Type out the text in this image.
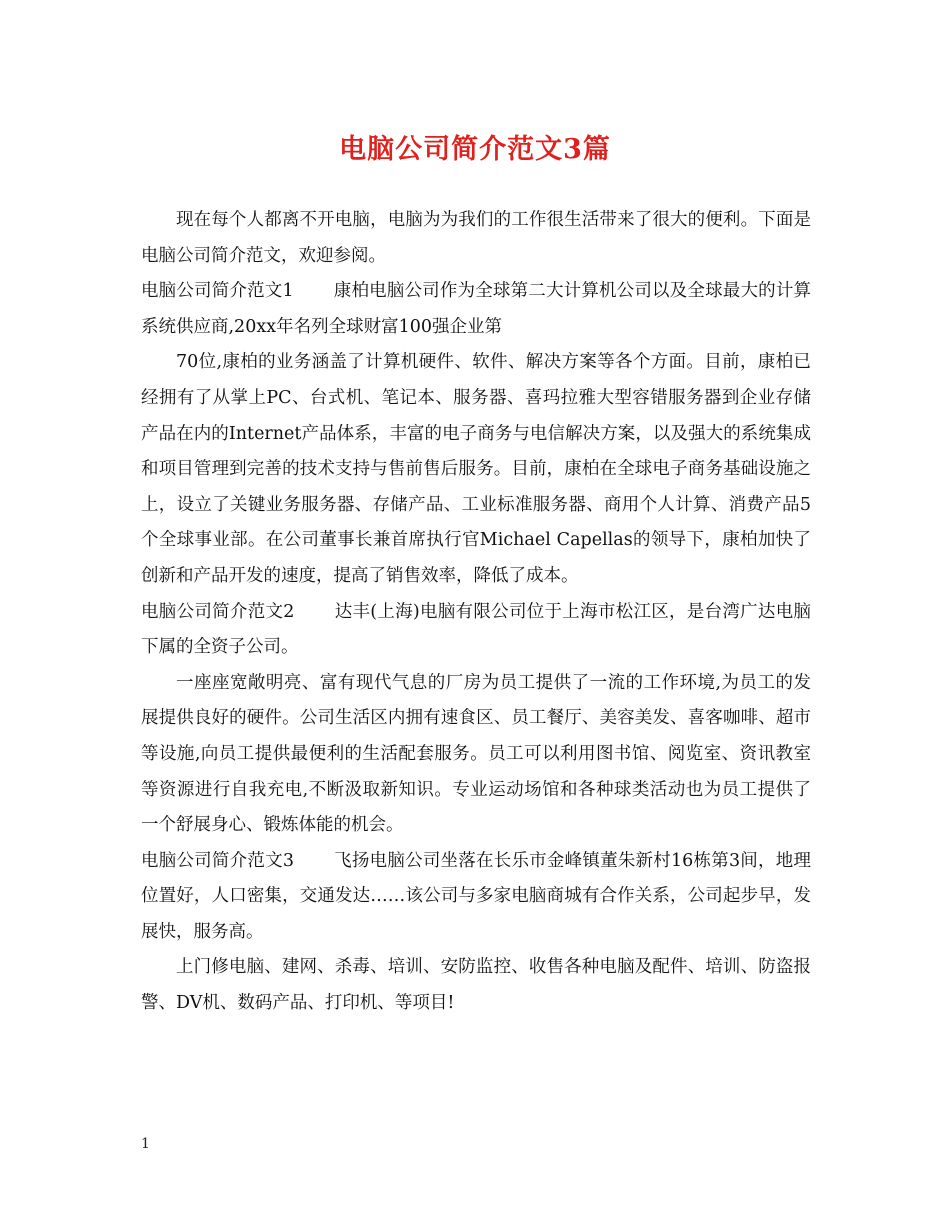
电脑公司简介范文3篇

现在每个人都离不开电脑，电脑为为我们的工作很生活带来了很大的便利。下面是电脑公司简介范文，欢迎参阅。

电脑公司简介范文1 康柏电脑公司作为全球第二大计算机公司以及全球最大的计算系统供应商,20xx年名列全球财富100强企业第

70位,康柏的业务涵盖了计算机硬件、软件、解决方案等各个方面。目前，康柏已经拥有了从掌上PC、台式机、笔记本、服务器、喜玛拉雅大型容错服务器到企业存储产品在内的Internet产品体系，丰富的电子商务与电信解决方案，以及强大的系统集成和项目管理到完善的技术支持与售前售后服务。目前，康柏在全球电子商务基础设施之上，设立了关键业务服务器、存储产品、工业标准服务器、商用个人计算、消费产品5个全球事业部。在公司董事长兼首席执行官Michael Capellas的领导下，康柏加快了创新和产品开发的速度，提高了销售效率，降低了成本。

电脑公司简介范文2 达丰(上海)电脑有限公司位于上海市松江区，是台湾广达电脑下属的全资子公司。

一座座宽敞明亮、富有现代气息的厂房为员工提供了一流的工作环境,为员工的发展提供良好的硬件。公司生活区内拥有速食区、员工餐厅、美容美发、喜客咖啡、超市等设施,向员工提供最便利的生活配套服务。员工可以利用图书馆、阅览室、资讯教室等资源进行自我充电,不断汲取新知识。专业运动场馆和各种球类活动也为员工提供了一个舒展身心、锻炼体能的机会。

电脑公司简介范文3 飞扬电脑公司坐落在长乐市金峰镇董朱新村16栋第3间，地理位置好，人口密集，交通发达……该公司与多家电脑商城有合作关系，公司起步早，发展快，服务高。

上门修电脑、建网、杀毒、培训、安防监控、收售各种电脑及配件、培训、防盗报警、DV机、数码产品、打印机、等项目!

1
